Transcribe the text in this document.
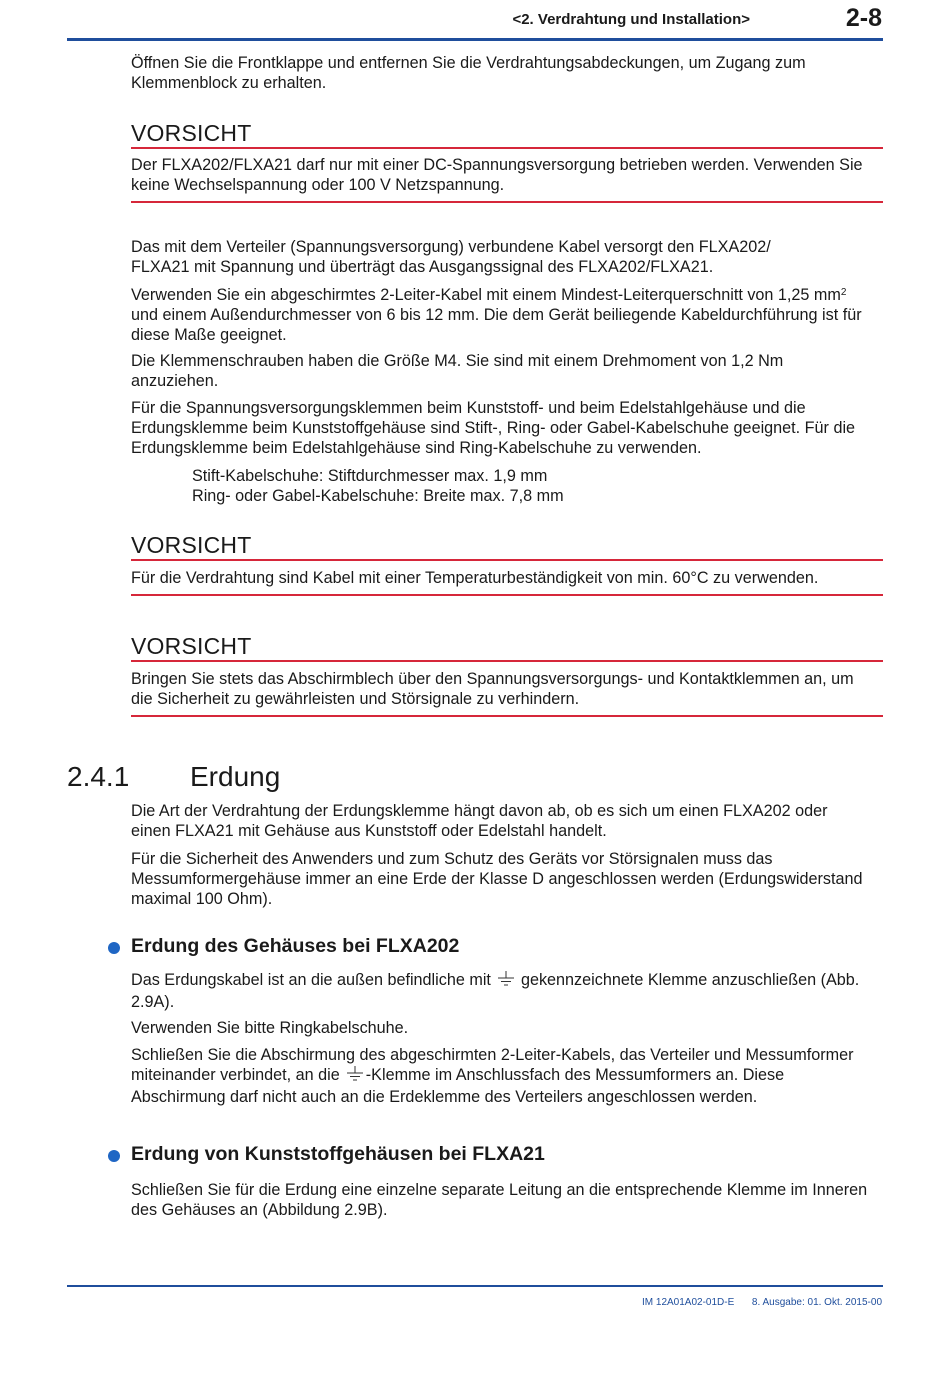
<2. Verdrahtung und Installation>	2-8

Öffnen Sie die Frontklappe und entfernen Sie die Verdrahtungsabdeckungen, um Zugang zum Klemmenblock zu erhalten.

VORSICHT

Der FLXA202/FLXA21 darf nur mit einer DC-Spannungsversorgung betrieben werden. Verwenden Sie keine Wechselspannung oder 100 V Netzspannung.

Das mit dem Verteiler (Spannungsversorgung) verbundene Kabel versorgt den FLXA202/ FLXA21 mit Spannung und überträgt das Ausgangssignal des FLXA202/FLXA21.

Verwenden Sie ein abgeschirmtes 2-Leiter-Kabel mit einem Mindest-Leiterquerschnitt von 1,25 $mm^2$ und einem Außendurchmesser von 6 bis 12 mm. Die dem Gerät beiliegende Kabeldurchführung ist für diese Maße geeignet.

Die Klemmenschrauben haben die Größe M4. Sie sind mit einem Drehmoment von 1,2 Nm anzuziehen.

Für die Spannungsversorgungsklemmen beim Kunststoff- und beim Edelstahlgehäuse und die Erdungsklemme beim Kunststoffgehäuse sind Stift-, Ring- oder Gabel-Kabelschuhe geeignet. Für die Erdungsklemme beim Edelstahlgehäuse sind Ring-Kabelschuhe zu verwenden.

Stift-Kabelschuhe: Stiftdurchmesser max. 1,9 mm

Ring- oder Gabel-Kabelschuhe: Breite max. 7,8 mm

VORSICHT

Für die Verdrahtung sind Kabel mit einer Temperaturbeständigkeit von min. 60°C zu verwenden.

VORSICHT

Bringen Sie stets das Abschirmblech über den Spannungsversorgungs- und Kontaktklemmen an, um die Sicherheit zu gewährleisten und Störsignale zu verhindern.

2.4.1 Erdung

Die Art der Verdrahtung der Erdungsklemme hängt davon ab, ob es sich um einen FLXA202 oder einen FLXA21 mit Gehäuse aus Kunststoff oder Edelstahl handelt.

Für die Sicherheit des Anwenders und zum Schutz des Geräts vor Störsignalen muss das Messumformergehäuse immer an eine Erde der Klasse D angeschlossen werden (Erdungswiderstand maximal 100 Ohm).

Erdung des Gehäuses bei FLXA202

Das Erdungskabel ist an die außen befindliche mit gekennzeichnete Klemme anzuschließen (Abb. 2.9A).

Verwenden Sie bitte Ringkabelschuhe.

Schließen Sie die Abschirmung des abgeschirmten 2-Leiter-Kabels, das Verteiler und Messumformer miteinander verbindet, an die -Klemme im Anschlussfach des Messumformers an. Diese Abschirmung darf nicht auch an die Erdeklemme des Verteilers angeschlossen werden.

Erdung von Kunststoffgehäusen bei FLXA21

Schließen Sie für die Erdung eine einzelne separate Leitung an die entsprechende Klemme im Inneren des Gehäuses an (Abbildung 2.9B).

IM 12A01A02-01D-E 8. Ausgabe: 01. Okt. 2015-00
